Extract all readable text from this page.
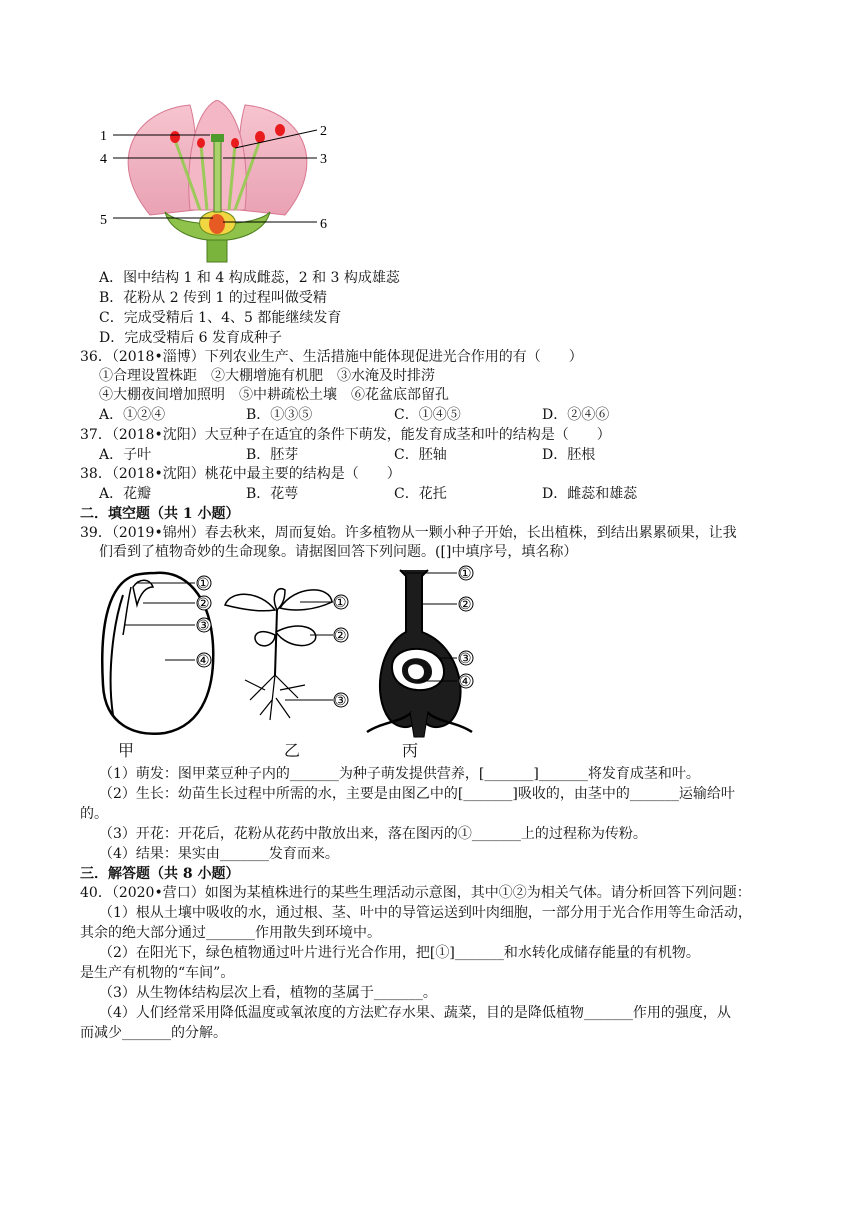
1
4
5
2
3
6
A．图中结构 1 和 4 构成雌蕊，2 和 3 构成雄蕊
B．花粉从 2 传到 1 的过程叫做受精
C．完成受精后 1、4、5 都能继续发育
D．完成受精后 6 发育成种子
36．（2018•淄博）下列农业生产、生活措施中能体现促进光合作用的有（　　）
①合理设置株距　②大棚增施有机肥　③水淹及时排涝
④大棚夜间增加照明　⑤中耕疏松土壤　⑥花盆底部留孔
A．①②④	B．①③⑤	C．①④⑤	D．②④⑥
37．（2018•沈阳）大豆种子在适宜的条件下萌发，能发育成茎和叶的结构是（　　）
A．子叶	B．胚芽	C．胚轴	D．胚根
38．（2018•沈阳）桃花中最主要的结构是（　　）
A．花瓣	B．花萼	C．花托	D．雌蕊和雄蕊
二．填空题（共 1 小题）
39．（2019•锦州）春去秋来，周而复始。许多植物从一颗小种子开始，长出植株，到结出累累硕果，让我
们看到了植物奇妙的生命现象。请据图回答下列问题。([]中填序号，填名称）
①
②
③
④
①
②
③
①
②
③
④
甲	乙	丙
（1）萌发：图甲菜豆种子内的_______为种子萌发提供营养，[_______]_______将发育成茎和叶。
（2）生长：幼苗生长过程中所需的水，主要是由图乙中的[_______]吸收的，由茎中的_______运输给叶
的。
（3）开花：开花后，花粉从花药中散放出来，落在图丙的①_______上的过程称为传粉。
（4）结果：果实由_______发育而来。
三．解答题（共 8 小题）
40．（2020•营口）如图为某植株进行的某些生理活动示意图，其中①②为相关气体。请分析回答下列问题：
（1）根从土壤中吸收的水，通过根、茎、叶中的导管运送到叶肉细胞，一部分用于光合作用等生命活动，
其余的绝大部分通过_______作用散失到环境中。
（2）在阳光下，绿色植物通过叶片进行光合作用，把[①]_______和水转化成储存能量的有机物。
是生产有机物的“车间”。
（3）从生物体结构层次上看，植物的茎属于_______。
（4）人们经常采用降低温度或氧浓度的方法贮存水果、蔬菜，目的是降低植物_______作用的强度，从
而减少_______的分解。
